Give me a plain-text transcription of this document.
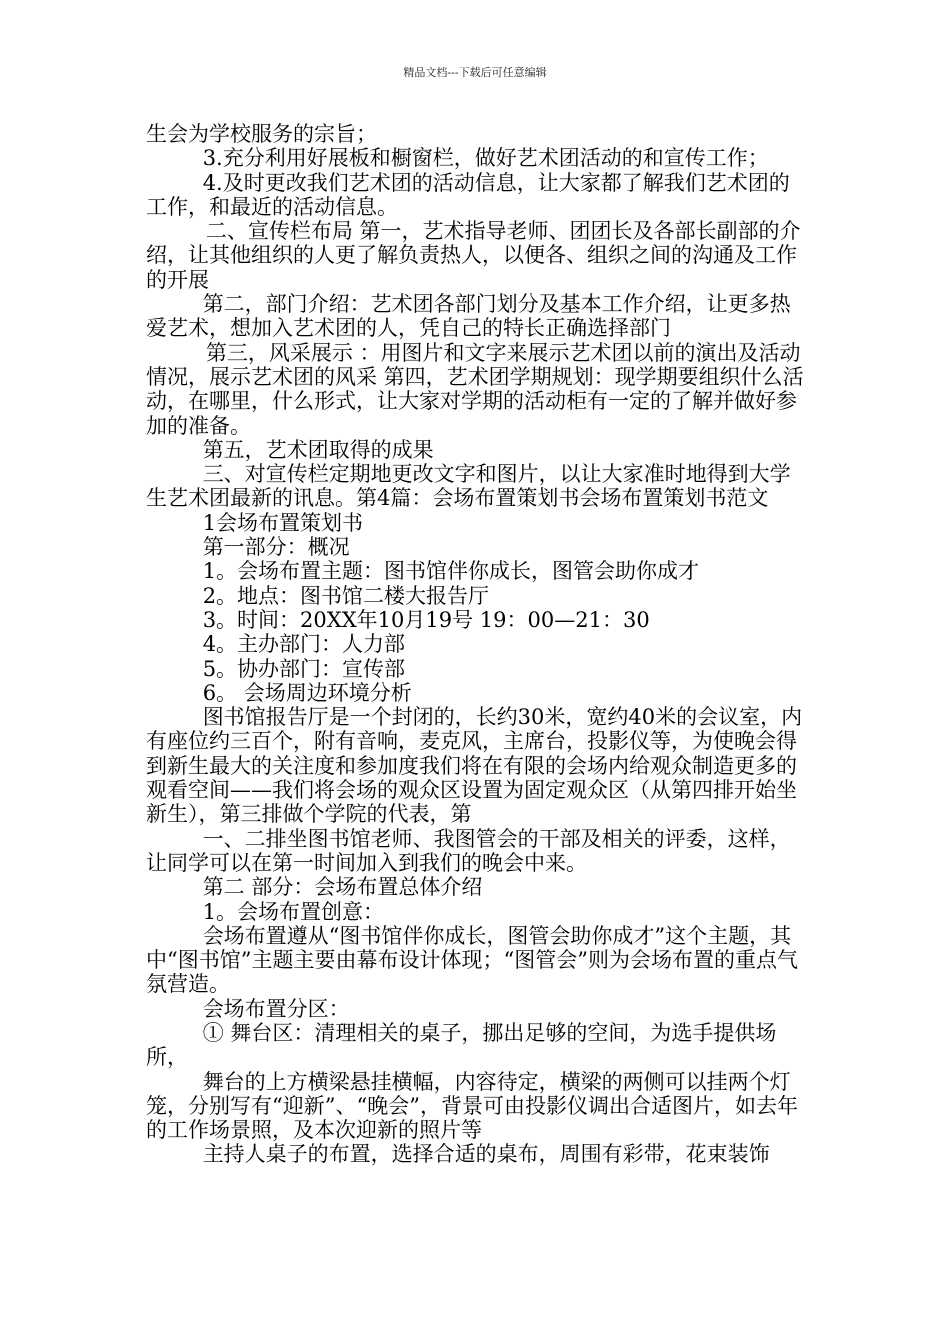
精品文档---下载后可任意编辑

生会为学校服务的宗旨；

3.充分利用好展板和橱窗栏，做好艺术团活动的和宣传工作；

4.及时更改我们艺术团的活动信息，让大家都了解我们艺术团的工作，和最近的活动信息。

二、宣传栏布局 第一，艺术指导老师、团团长及各部长副部的介绍，让其他组织的人更了解负责热人，以便各、组织之间的沟通及工作的开展

第二，部门介绍：艺术团各部门划分及基本工作介绍，让更多热爱艺术，想加入艺术团的人，凭自己的特长正确选择部门

第三，风采展示 ：用图片和文字来展示艺术团以前的演出及活动情况，展示艺术团的风采 第四，艺术团学期规划：现学期要组织什么活动，在哪里，什么形式，让大家对学期的活动柜有一定的了解并做好参加的准备。

第五，艺术团取得的成果

三、对宣传栏定期地更改文字和图片，以让大家准时地得到大学生艺术团最新的讯息。第4篇：会场布置策划书会场布置策划书范文

1会场布置策划书

第一部分：概况

1。会场布置主题：图书馆伴你成长，图管会助你成才

2。地点：图书馆二楼大报告厅

3。时间：20XX年10月19号 19：00—21：30

4。主办部门：人力部

5。协办部门：宣传部

6。 会场周边环境分析

图书馆报告厅是一个封闭的，长约30米，宽约40米的会议室，内有座位约三百个，附有音响，麦克风，主席台，投影仪等，为使晚会得到新生最大的关注度和参加度我们将在有限的会场内给观众制造更多的观看空间——我们将会场的观众区设置为固定观众区（从第四排开始坐新生），第三排做个学院的代表，第

一、二排坐图书馆老师、我图管会的干部及相关的评委，这样，让同学可以在第一时间加入到我们的晚会中来。

第二 部分：会场布置总体介绍

1。会场布置创意：

会场布置遵从“图书馆伴你成长，图管会助你成才”这个主题，其中“图书馆”主题主要由幕布设计体现；“图管会”则为会场布置的重点气氛营造。

会场布置分区：

① 舞台区：清理相关的桌子，挪出足够的空间，为选手提供场所，

舞台的上方横梁悬挂横幅，内容待定，横梁的两侧可以挂两个灯笼，分别写有“迎新”、“晚会”，背景可由投影仪调出合适图片，如去年的工作场景照，及本次迎新的照片等

主持人桌子的布置，选择合适的桌布，周围有彩带，花束装饰
